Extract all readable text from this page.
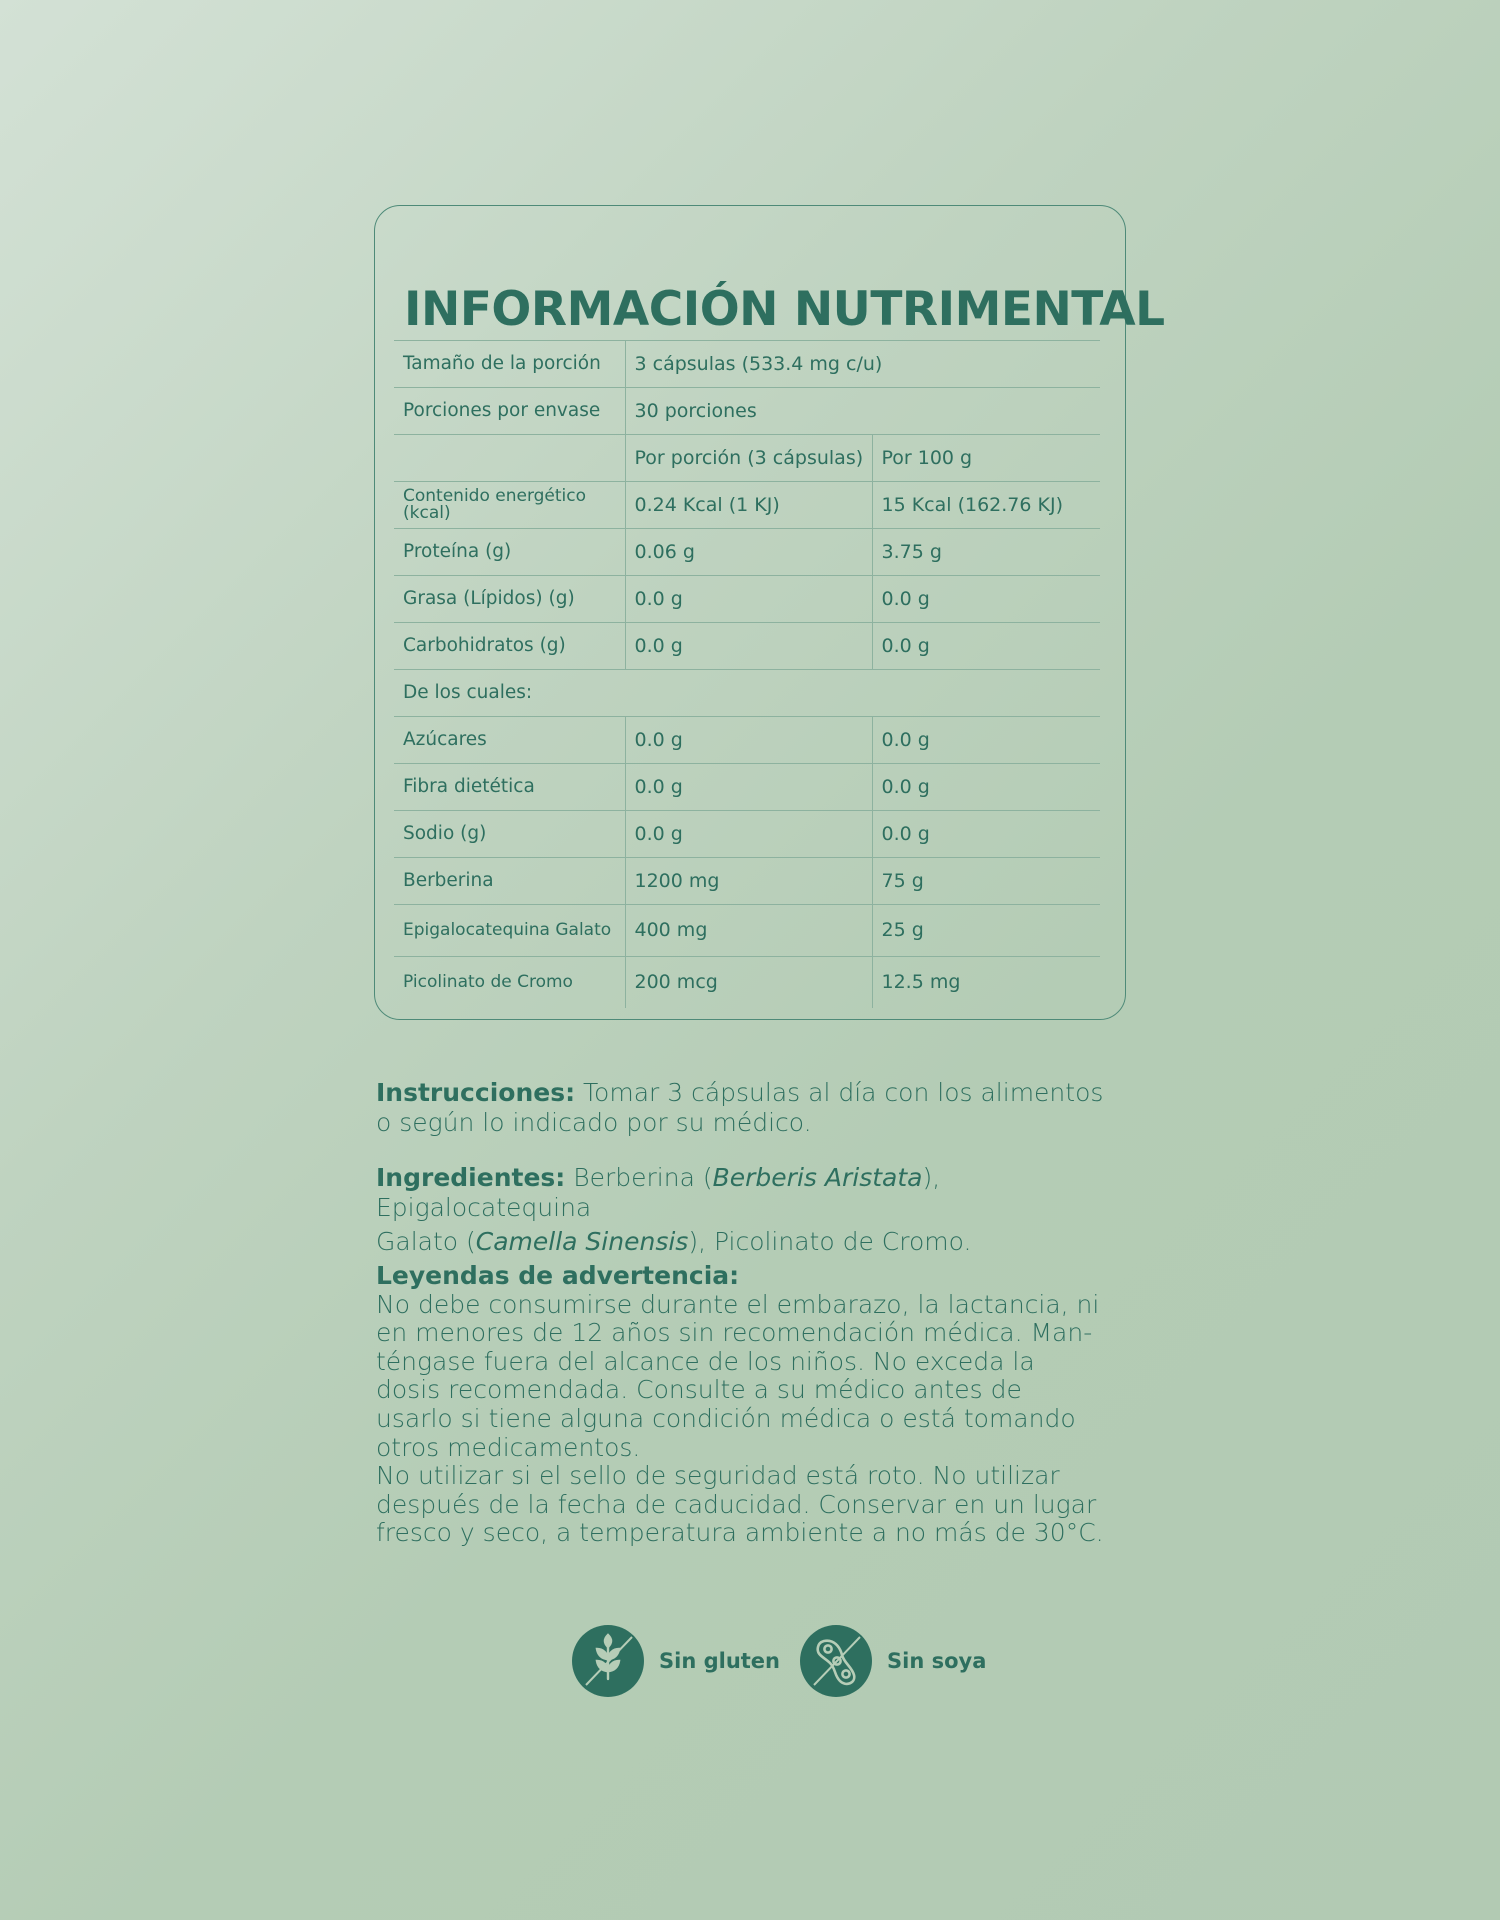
INFORMACIÓN NUTRIMENTAL
Tamaño de la porción	3 cápsulas (533.4 mg c/u)	
Porciones por envase	30 porciones	
	Por porción (3 cápsulas)	Por 100 g
Contenido energético (kcal)	0.24 Kcal (1 KJ)	15 Kcal (162.76 KJ)
Proteína (g)	0.06 g	3.75 g
Grasa (Lípidos) (g)	0.0 g	0.0 g
Carbohidratos (g)	0.0 g	0.0 g
De los cuales:		
Azúcares	0.0 g	0.0 g
Fibra dietética	0.0 g	0.0 g
Sodio (g)	0.0 g	0.0 g
Berberina	1200 mg	75 g
Epigalocatequina Galato	400 mg	25 g
Picolinato de Cromo	200 mcg	12.5 mg
Instrucciones: Tomar 3 cápsulas al día con los alimentos
o según lo indicado por su médico.
Ingredientes: Berberina (Berberis Aristata), Epigalocatequina
Galato (Camella Sinensis), Picolinato de Cromo.
Leyendas de advertencia:
No debe consumirse durante el embarazo, la lactancia, ni
en menores de 12 años sin recomendación médica. Man-
téngase fuera del alcance de los niños. No exceda la
dosis recomendada. Consulte a su médico antes de
usarlo si tiene alguna condición médica o está tomando
otros medicamentos.
No utilizar si el sello de seguridad está roto. No utilizar
después de la fecha de caducidad. Conservar en un lugar
fresco y seco, a temperatura ambiente a no más de 30°C.
Sin gluten	Sin soya
